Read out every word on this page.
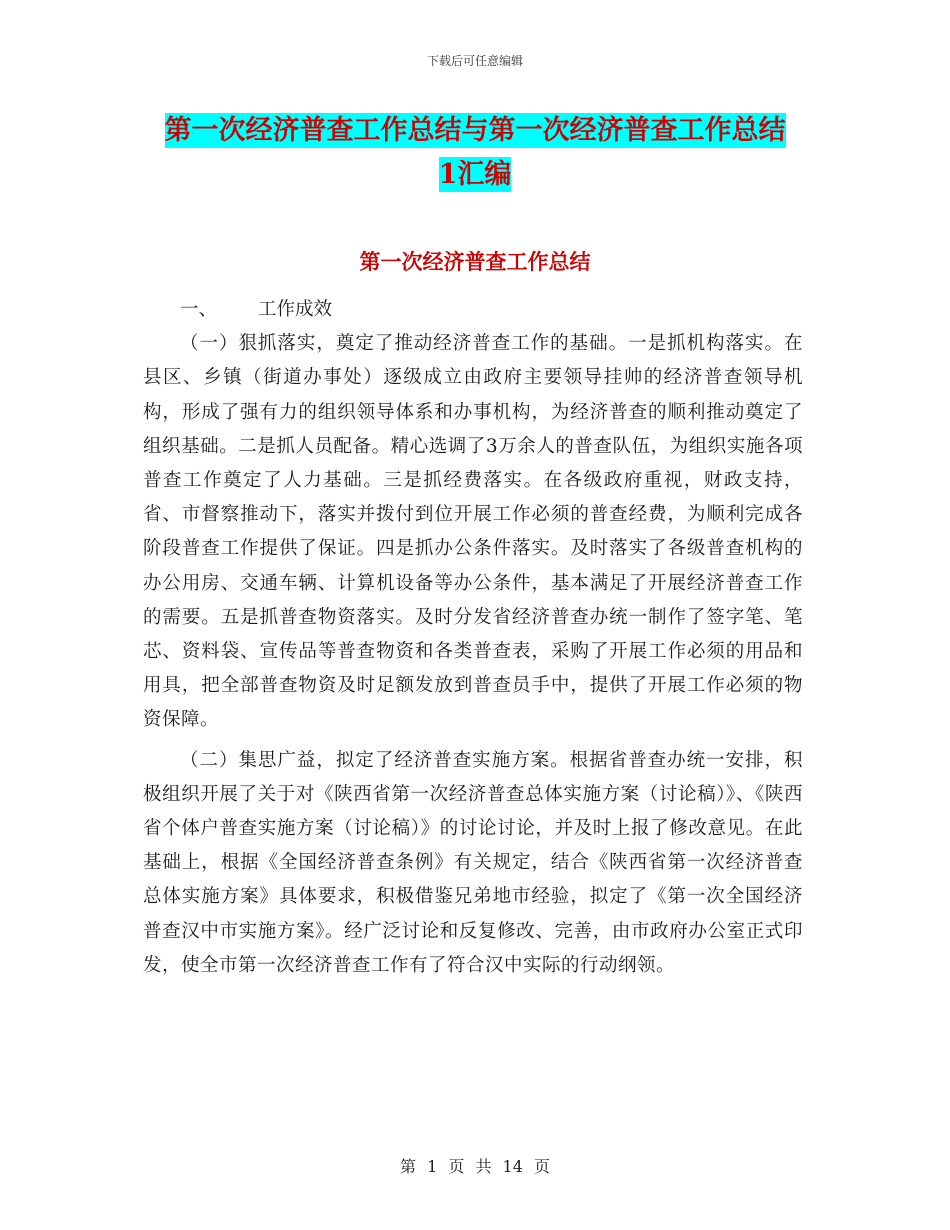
下载后可任意编辑
第一次经济普查工作总结与第一次经济普查工作总结
1汇编
第一次经济普查工作总结
一、 工作成效

（一）狠抓落实，奠定了推动经济普查工作的基础。一是抓机构落实。在县区、乡镇（街道办事处）逐级成立由政府主要领导挂帅的经济普查领导机构，形成了强有力的组织领导体系和办事机构，为经济普查的顺利推动奠定了组织基础。二是抓人员配备。精心选调了3万余人的普查队伍，为组织实施各项普查工作奠定了人力基础。三是抓经费落实。在各级政府重视，财政支持，省、市督察推动下，落实并拨付到位开展工作必须的普查经费，为顺利完成各阶段普查工作提供了保证。四是抓办公条件落实。及时落实了各级普查机构的办公用房、交通车辆、计算机设备等办公条件，基本满足了开展经济普查工作的需要。五是抓普查物资落实。及时分发省经济普查办统一制作了签字笔、笔芯、资料袋、宣传品等普查物资和各类普查表，采购了开展工作必须的用品和用具，把全部普查物资及时足额发放到普查员手中，提供了开展工作必须的物资保障。

（二）集思广益，拟定了经济普查实施方案。根据省普查办统一安排，积极组织开展了关于对《陕西省第一次经济普查总体实施方案（讨论稿）》、《陕西省个体户普查实施方案（讨论稿）》的讨论讨论，并及时上报了修改意见。在此基础上，根据《全国经济普查条例》有关规定，结合《陕西省第一次经济普查总体实施方案》具体要求，积极借鉴兄弟地市经验，拟定了《第一次全国经济普查汉中市实施方案》。经广泛讨论和反复修改、完善，由市政府办公室正式印发，使全市第一次经济普查工作有了符合汉中实际的行动纲领。

第 1 页 共 14 页
